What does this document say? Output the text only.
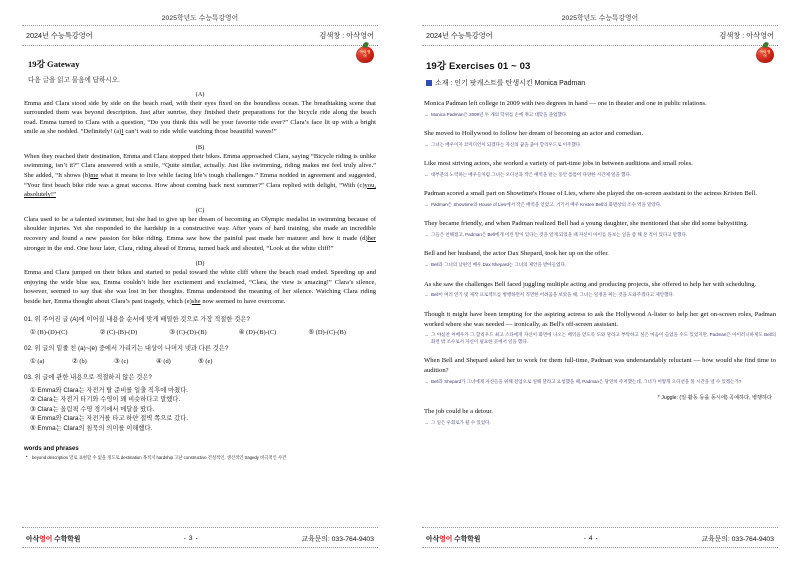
2025학년도 수능특강영어
2024년 수능특강영어	검색창 : 아삭영어
아삭 영어
19강 Gateway
다음 글을 읽고 물음에 답하시오.
(A)

Emma and Clara stood side by side on the beach road, with their eyes fixed on the boundless ocean. The breathtaking scene that surrounded them was beyond description. Just after sunrise, they finished their preparations for the bicycle ride along the beach road. Emma turned to Clara with a question, “Do you think this will be your favorite ride ever?” Clara’s face lit up with a bright smile as she nodded. “Definitely! (a)I can’t wait to ride while watching those beautiful waves!”

(B)

When they reached their destination, Emma and Clara stopped their bikes. Emma approached Clara, saying “Bicycle riding is unlike swimming, isn’t it?” Clara answered with a smile, “Quite similar, actually. Just like swimming, riding makes me feel truly alive.” She added, “It shows (b)me what it means to live while facing life’s tough challenges.” Emma nodded in agreement and suggested, “Your first beach bike ride was a great success. How about coming back next summer?” Clara replied with delight, “With (c)you, absolutely!”

(C)

Clara used to be a talented swimmer, but she had to give up her dream of becoming an Olympic medalist in swimming because of shoulder injuries. Yet she responded to the hardship in a constructive way. After years of hard training, she made an incredible recovery and found a new passion for bike riding. Emma saw how the painful past made her maturer and how it made (d)her stronger in the end. One hour later, Clara, riding ahead of Emma, turned back and shouted, “Look at the white cliff!”

(D)

Emma and Clara jumped on their bikes and started to pedal toward the white cliff where the beach road ended. Speeding up and enjoying the wide blue sea, Emma couldn’t hide her excitement and exclaimed, “Clara, the view is amazing!” Clara’s silence, however, seemed to say that she was lost in her thoughts. Emma understood the meaning of her silence. Watching Clara riding beside her, Emma thought about Clara’s past tragedy, which (e)she now seemed to have overcome.

01. 위 주어진 글 (A)에 이어질 내용을 순서에 맞게 배열한 것으로 가장 적절한 것은?
① (B)-(D)-(C)	② (C)-(B)-(D)	③ (C)-(D)-(B)	④ (D)-(B)-(C)	⑤ (D)-(C)-(B)
02. 위 글의 밑줄 친 (a)~(e) 중에서 가리키는 대상이 나머지 넷과 다른 것은?
① (a)	② (b)	③ (c)	④ (d)	⑤ (e)
03. 위 글에 관한 내용으로 적절하지 않은 것은?
① Emma와 Clara는 자전거 탈 준비를 일출 직후에 마쳤다.
② Clara는 자전거 타기와 수영이 꽤 비슷하다고 말했다.
③ Clara는 올림픽 수영 경기에서 메달을 땄다.
④ Emma와 Clara는 자전거를 타고 하얀 절벽 쪽으로 갔다.
⑤ Emma는 Clara의 침묵의 의미를 이해했다.
words and phrases
• beyond description 말로 표현할 수 없을 정도로 destination 목적지 hardship 고난 constructive 건설적인, 생산적인 tragedy 비극적인 사건
아삭영어 수학학원	- 3 -	교육문의: 033-764-9403
2025학년도 수능특강영어
2024년 수능특강영어	검색창 : 아삭영어
아삭 영어
19강 Exercises 01 ~ 03
소재 : 인기 팟캐스트를 탄생시킨 Monica Padman
Monica Padman left college in 2009 with two degrees in hand — one in theater and one in public relations.
→ Monica Padman은 2009년 두 개의 학위를 손에 쥐고 대학을 졸업했다.
She moved to Hollywood to follow her dream of becoming an actor and comedian.
→ 그녀는 배우이자 코미디언이 되겠다는 자신의 꿈을 좇아 할리우드로 이주했다.
Like most striving actors, she worked a variety of part-time jobs in between auditions and small roles.
→ 대부분의 노력하는 배우들처럼 그녀는 오디션과 작은 배역을 맡는 동안 틈틈이 다양한 시간제 일을 했다.
Padman scored a small part on Showtime's House of Lies, where she played the on-screen assistant to the actress Kristen Bell.
→ Padman은 Showtime의 House of Lies에서 작은 배역을 얻었고, 거기서 배우 Kristen Bell의 화면상의 조수 역을 맡았다.
They became friendly, and when Padman realized Bell had a young daughter, she mentioned that she did some babysitting.
→ 그들은 친해졌고, Padman은 Bell에게 어린 딸이 있다는 것을 알게 되었을 때 자신이 아이를 돌보는 일을 좀 해 본 적이 있다고 말했다.
Bell and her husband, the actor Dax Shepard, took her up on the offer.
→ Bell과 그녀의 남편인 배우 Dax Shepard는 그녀의 제안을 받아들였다.
As she saw the challenges Bell faced juggling multiple acting and producing projects, she offered to help her with scheduling.
→ Bell이 여러 연기 및 제작 프로젝트를 병행하면서 직면한 어려움을 보았을 때, 그녀는 일정을 짜는 것을 도와주겠다고 제안했다.
Though it might have been tempting for the aspiring actress to ask the Hollywood A-lister to help her get on-screen roles, Padman worked where she was needed — ironically, as Bell's off-screen assistant.
→ 그 야심찬 여배우가 그 할리우드 최고 스타에게 자신이 화면에 나오는 배역을 얻도록 도와 달라고 부탁하고 싶은 마음이 들었을 수도 있었지만, Padman은 아이러니하게도 Bell의 화면 밖 조수로서 자신이 필요한 곳에서 일을 했다.
When Bell and Shepard asked her to work for them full-time, Padman was understandably reluctant — how would she find time to audition?
→ Bell과 Shepard가 그녀에게 자신들을 위해 전업으로 일해 달라고 요청했을 때, Padman은 당연히 주저했는데, 그녀가 어떻게 오디션을 볼 시간을 낼 수 있겠는가?
* Juggle: (일·활동 등을 동시에) 곡예하다, 병행하다
The job could be a detour.
→ 그 일은 우회로가 될 수 있었다.
아삭영어 수학학원	- 4 -	교육문의: 033-764-9403
